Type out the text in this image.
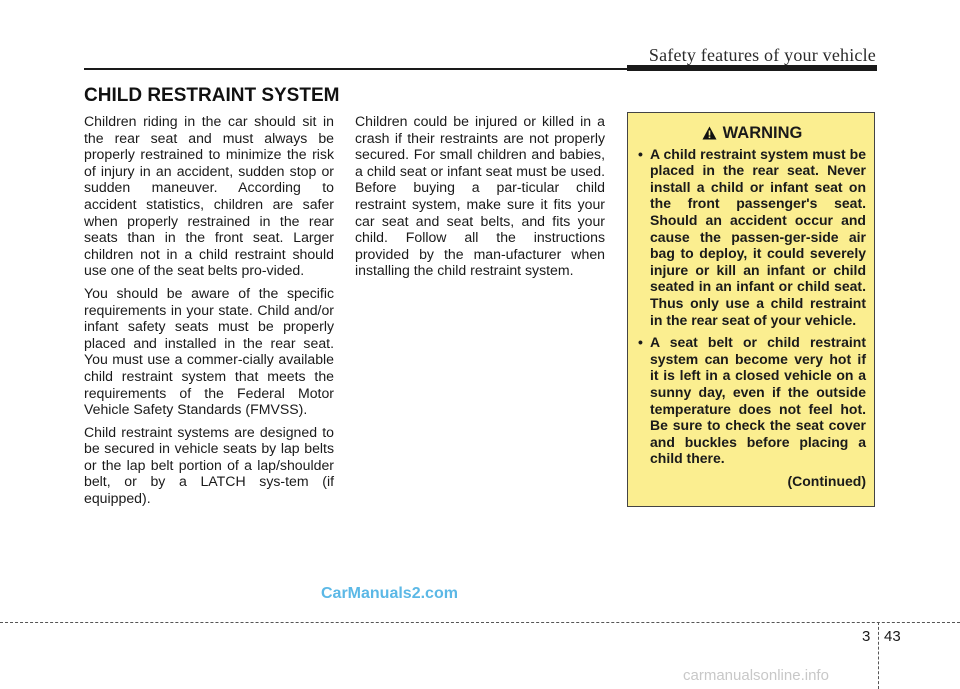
Safety features of your vehicle
CHILD RESTRAINT SYSTEM

Children riding in the car should sit in the rear seat and must always be properly restrained to minimize the risk of injury in an accident, sudden stop or sudden maneuver. According to accident statistics, children are safer when properly restrained in the rear seats than in the front seat. Larger children not in a child restraint should use one of the seat belts pro-vided.

You should be aware of the specific requirements in your state. Child and/or infant safety seats must be properly placed and installed in the rear seat. You must use a commer-cially available child restraint system that meets the requirements of the Federal Motor Vehicle Safety Standards (FMVSS).

Child restraint systems are designed to be secured in vehicle seats by lap belts or the lap belt portion of a lap/shoulder belt, or by a LATCH sys-tem (if equipped).

Children could be injured or killed in a crash if their restraints are not properly secured. For small children and babies, a child seat or infant seat must be used. Before buying a par-ticular child restraint system, make sure it fits your car seat and seat belts, and fits your child. Follow all the instructions provided by the man-ufacturer when installing the child restraint system.

WARNING
• A child restraint system must be placed in the rear seat. Never install a child or infant seat on the front passenger's seat. Should an accident occur and cause the passen-ger-side air bag to deploy, it could severely injure or kill an infant or child seated in an infant or child seat. Thus only use a child restraint in the rear seat of your vehicle.
• A seat belt or child restraint system can become very hot if it is left in a closed vehicle on a sunny day, even if the outside temperature does not feel hot. Be sure to check the seat cover and buckles before placing a child there.
(Continued)
CarManuals2.com
3 43
carmanualsonline.info
